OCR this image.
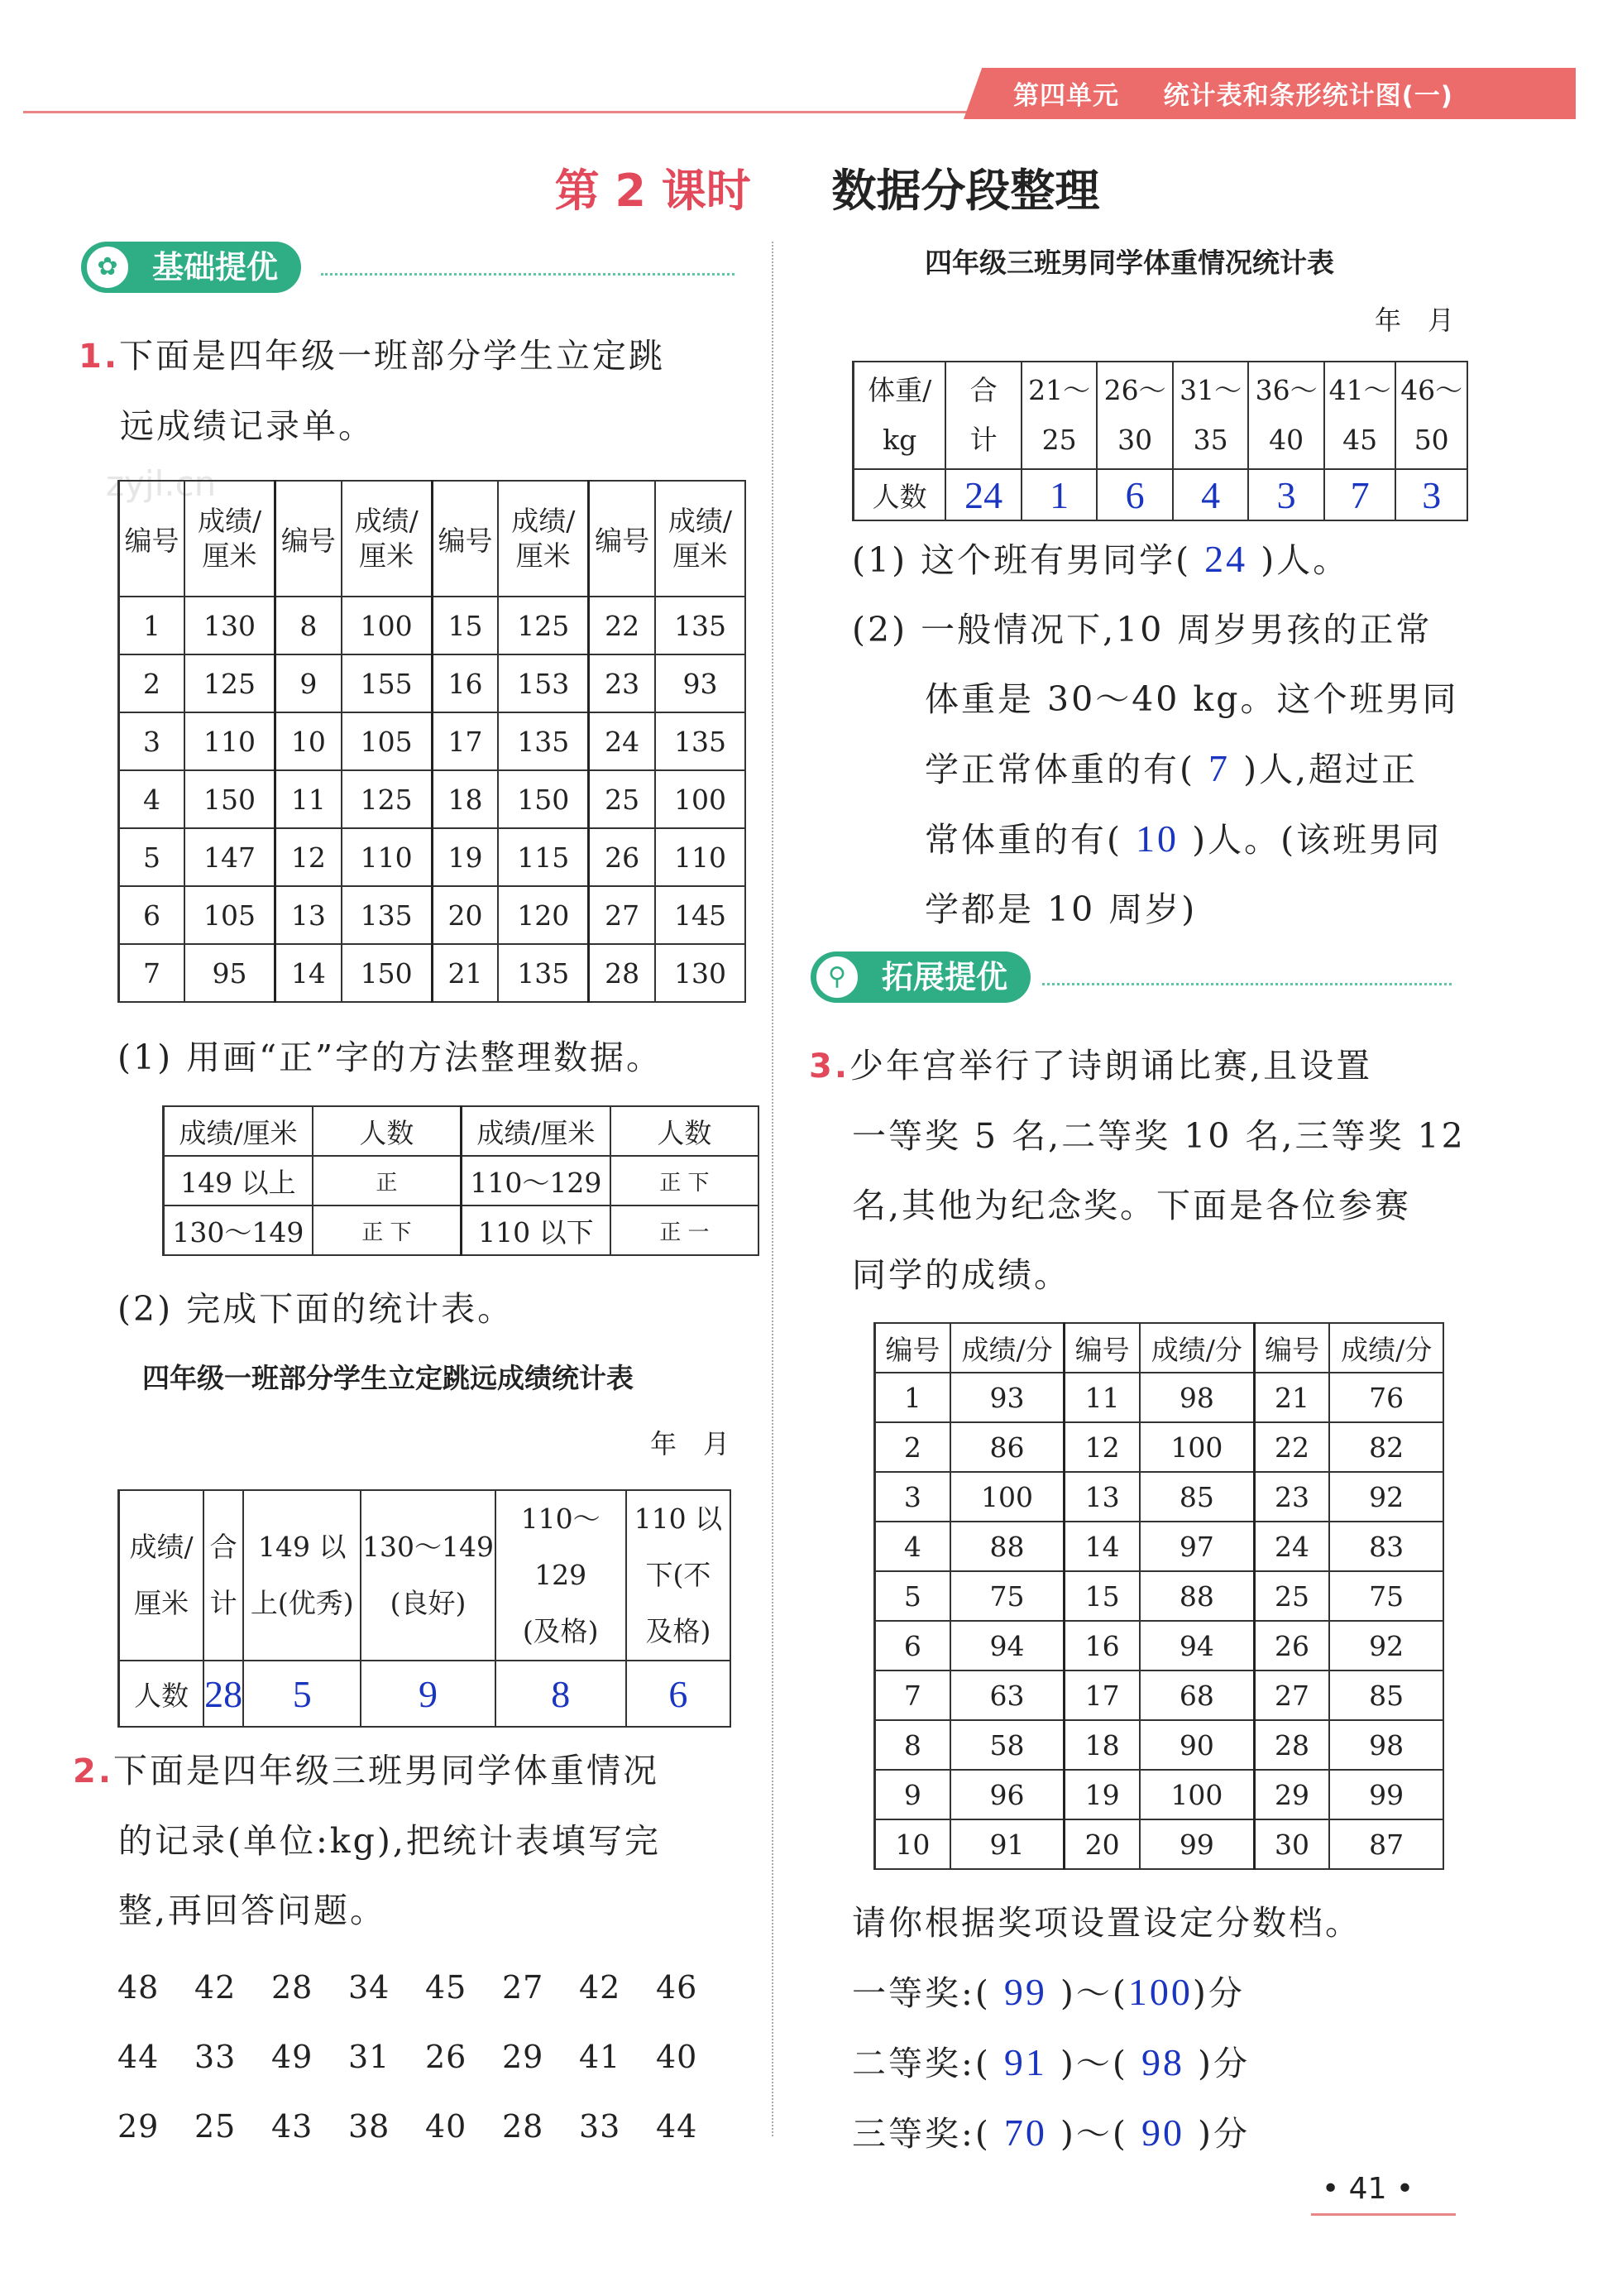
第四单元 统计表和条形统计图(一)
第 2 课时 数据分段整理
基础提优
✿
1.下面是四年级一班部分学生立定跳
远成绩记录单。
zyjl.cn
编号	成绩/
厘米	编号	成绩/
厘米	编号	成绩/
厘米	编号	成绩/
厘米
1	130	8	100	15	125	22	135
2	125	9	155	16	153	23	93
3	110	10	105	17	135	24	135
4	150	11	125	18	150	25	100
5	147	12	110	19	115	26	110
6	105	13	135	20	120	27	145
7	95	14	150	21	135	28	130
(1) 用画“正”字的方法整理数据。
成绩/厘米	人数	成绩/厘米	人数
149 以上	正	110～129	正 下
130～149	正 下	110 以下	正 一
(2) 完成下面的统计表。
四年级一班部分学生立定跳远成绩统计表
年　月
成绩/
厘米	合
计	149 以
上(优秀)	130～149
(良好)	110～
129
(及格)	110 以
下(不
及格)
人数	28	5	9	8	6
2.下面是四年级三班男同学体重情况
的记录(单位:kg),把统计表填写完
整,再回答问题。
48 42 28 34 45 27 42 46
44 33 49 31 26 29 41 40
29 25 43 38 40 28 33 44
四年级三班男同学体重情况统计表
年　月
体重/
kg	合
计	21～
25	26～
30	31～
35	36～
40	41～
45	46～
50
人数	24	1	6	4	3	7	3
(1) 这个班有男同学( 24 )人。
(2) 一般情况下,10 周岁男孩的正常
体重是 30～40 kg。这个班男同
学正常体重的有( 7 )人,超过正
常体重的有( 10 )人。(该班男同
学都是 10 周岁)
拓展提优
⚲
3.少年宫举行了诗朗诵比赛,且设置
一等奖 5 名,二等奖 10 名,三等奖 12
名,其他为纪念奖。下面是各位参赛
同学的成绩。
编号	成绩/分	编号	成绩/分	编号	成绩/分
1	93	11	98	21	76
2	86	12	100	22	82
3	100	13	85	23	92
4	88	14	97	24	83
5	75	15	88	25	75
6	94	16	94	26	92
7	63	17	68	27	85
8	58	18	90	28	98
9	96	19	100	29	99
10	91	20	99	30	87
请你根据奖项设置设定分数档。
一等奖:( 99 )～(100)分
二等奖:( 91 )～( 98 )分
三等奖:( 70 )～( 90 )分
• 41 •
